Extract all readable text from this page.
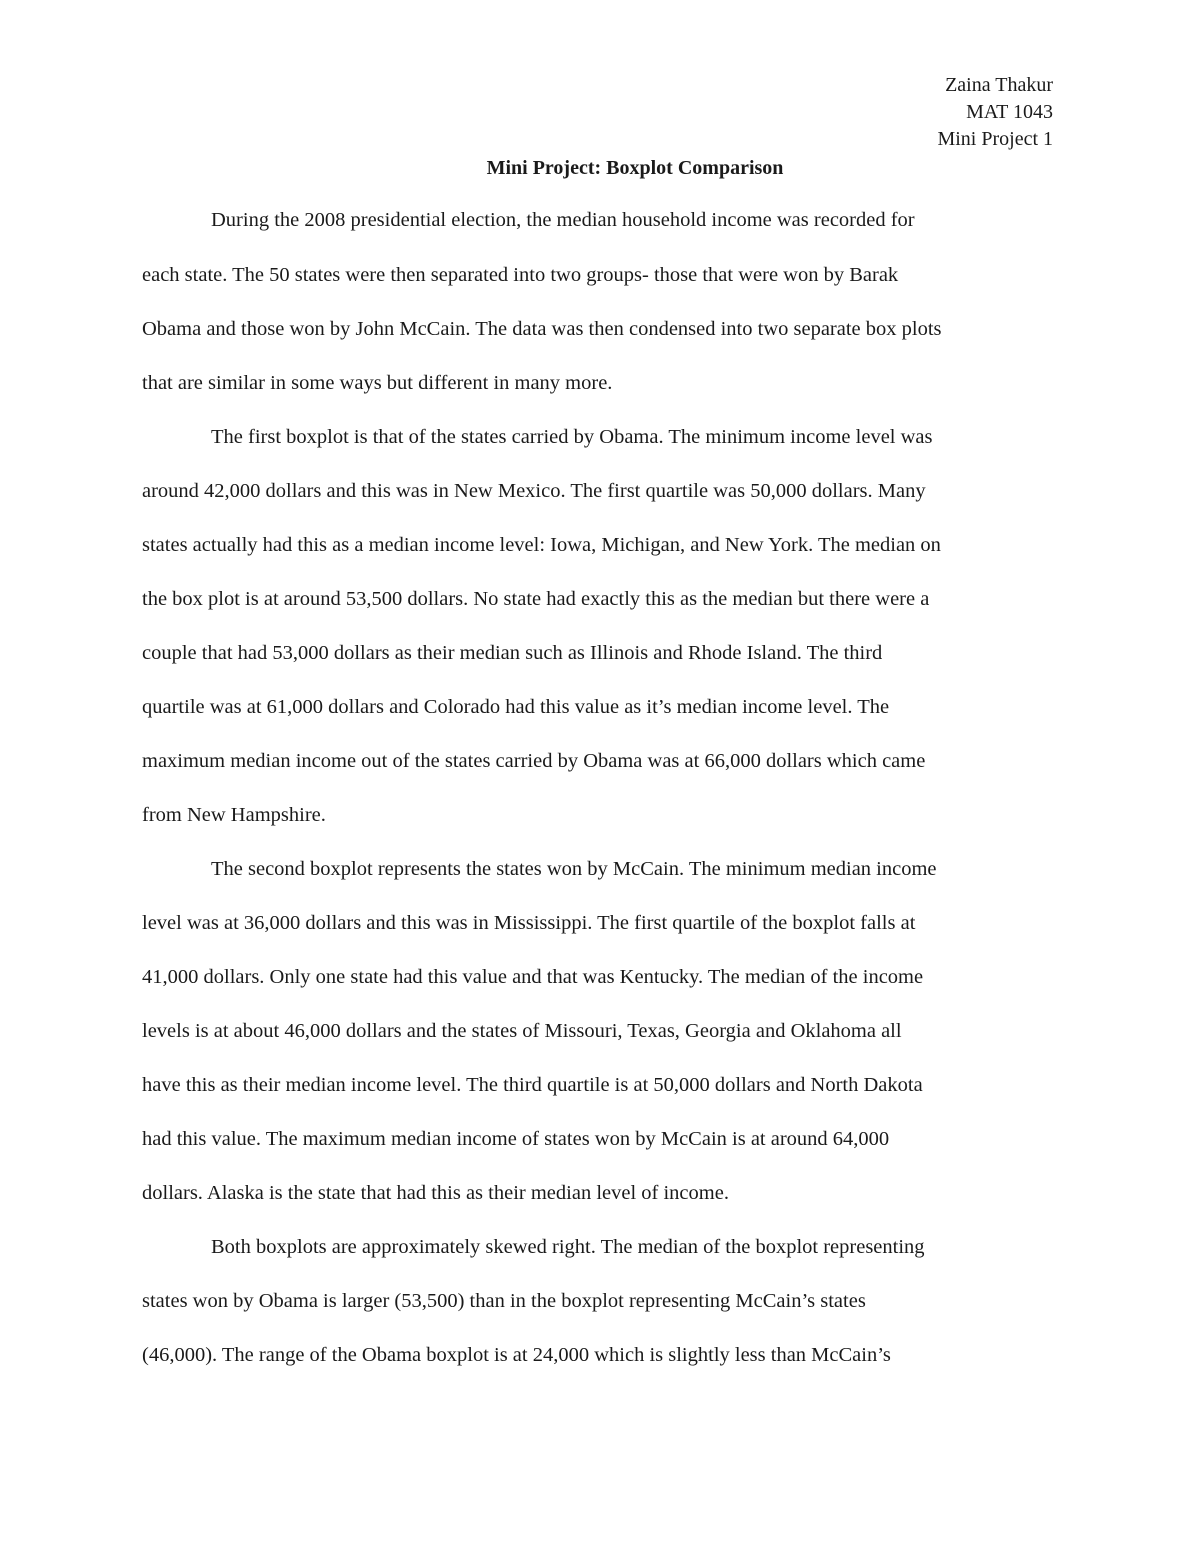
Zaina Thakur
MAT 1043
Mini Project 1
Mini Project: Boxplot Comparison
During the 2008 presidential election, the median household income was recorded for
each state. The 50 states were then separated into two groups- those that were won by Barak
Obama and those won by John McCain. The data was then condensed into two separate box plots
that are similar in some ways but different in many more.
The first boxplot is that of the states carried by Obama. The minimum income level was
around 42,000 dollars and this was in New Mexico. The first quartile was 50,000 dollars. Many
states actually had this as a median income level: Iowa, Michigan, and New York. The median on
the box plot is at around 53,500 dollars. No state had exactly this as the median but there were a
couple that had 53,000 dollars as their median such as Illinois and Rhode Island. The third
quartile was at 61,000 dollars and Colorado had this value as it’s median income level. The
maximum median income out of the states carried by Obama was at 66,000 dollars which came
from New Hampshire.
The second boxplot represents the states won by McCain. The minimum median income
level was at 36,000 dollars and this was in Mississippi. The first quartile of the boxplot falls at
41,000 dollars. Only one state had this value and that was Kentucky. The median of the income
levels is at about 46,000 dollars and the states of Missouri, Texas, Georgia and Oklahoma all
have this as their median income level. The third quartile is at 50,000 dollars and North Dakota
had this value. The maximum median income of states won by McCain is at around 64,000
dollars. Alaska is the state that had this as their median level of income.
Both boxplots are approximately skewed right. The median of the boxplot representing
states won by Obama is larger (53,500) than in the boxplot representing McCain’s states
(46,000). The range of the Obama boxplot is at 24,000 which is slightly less than McCain’s
